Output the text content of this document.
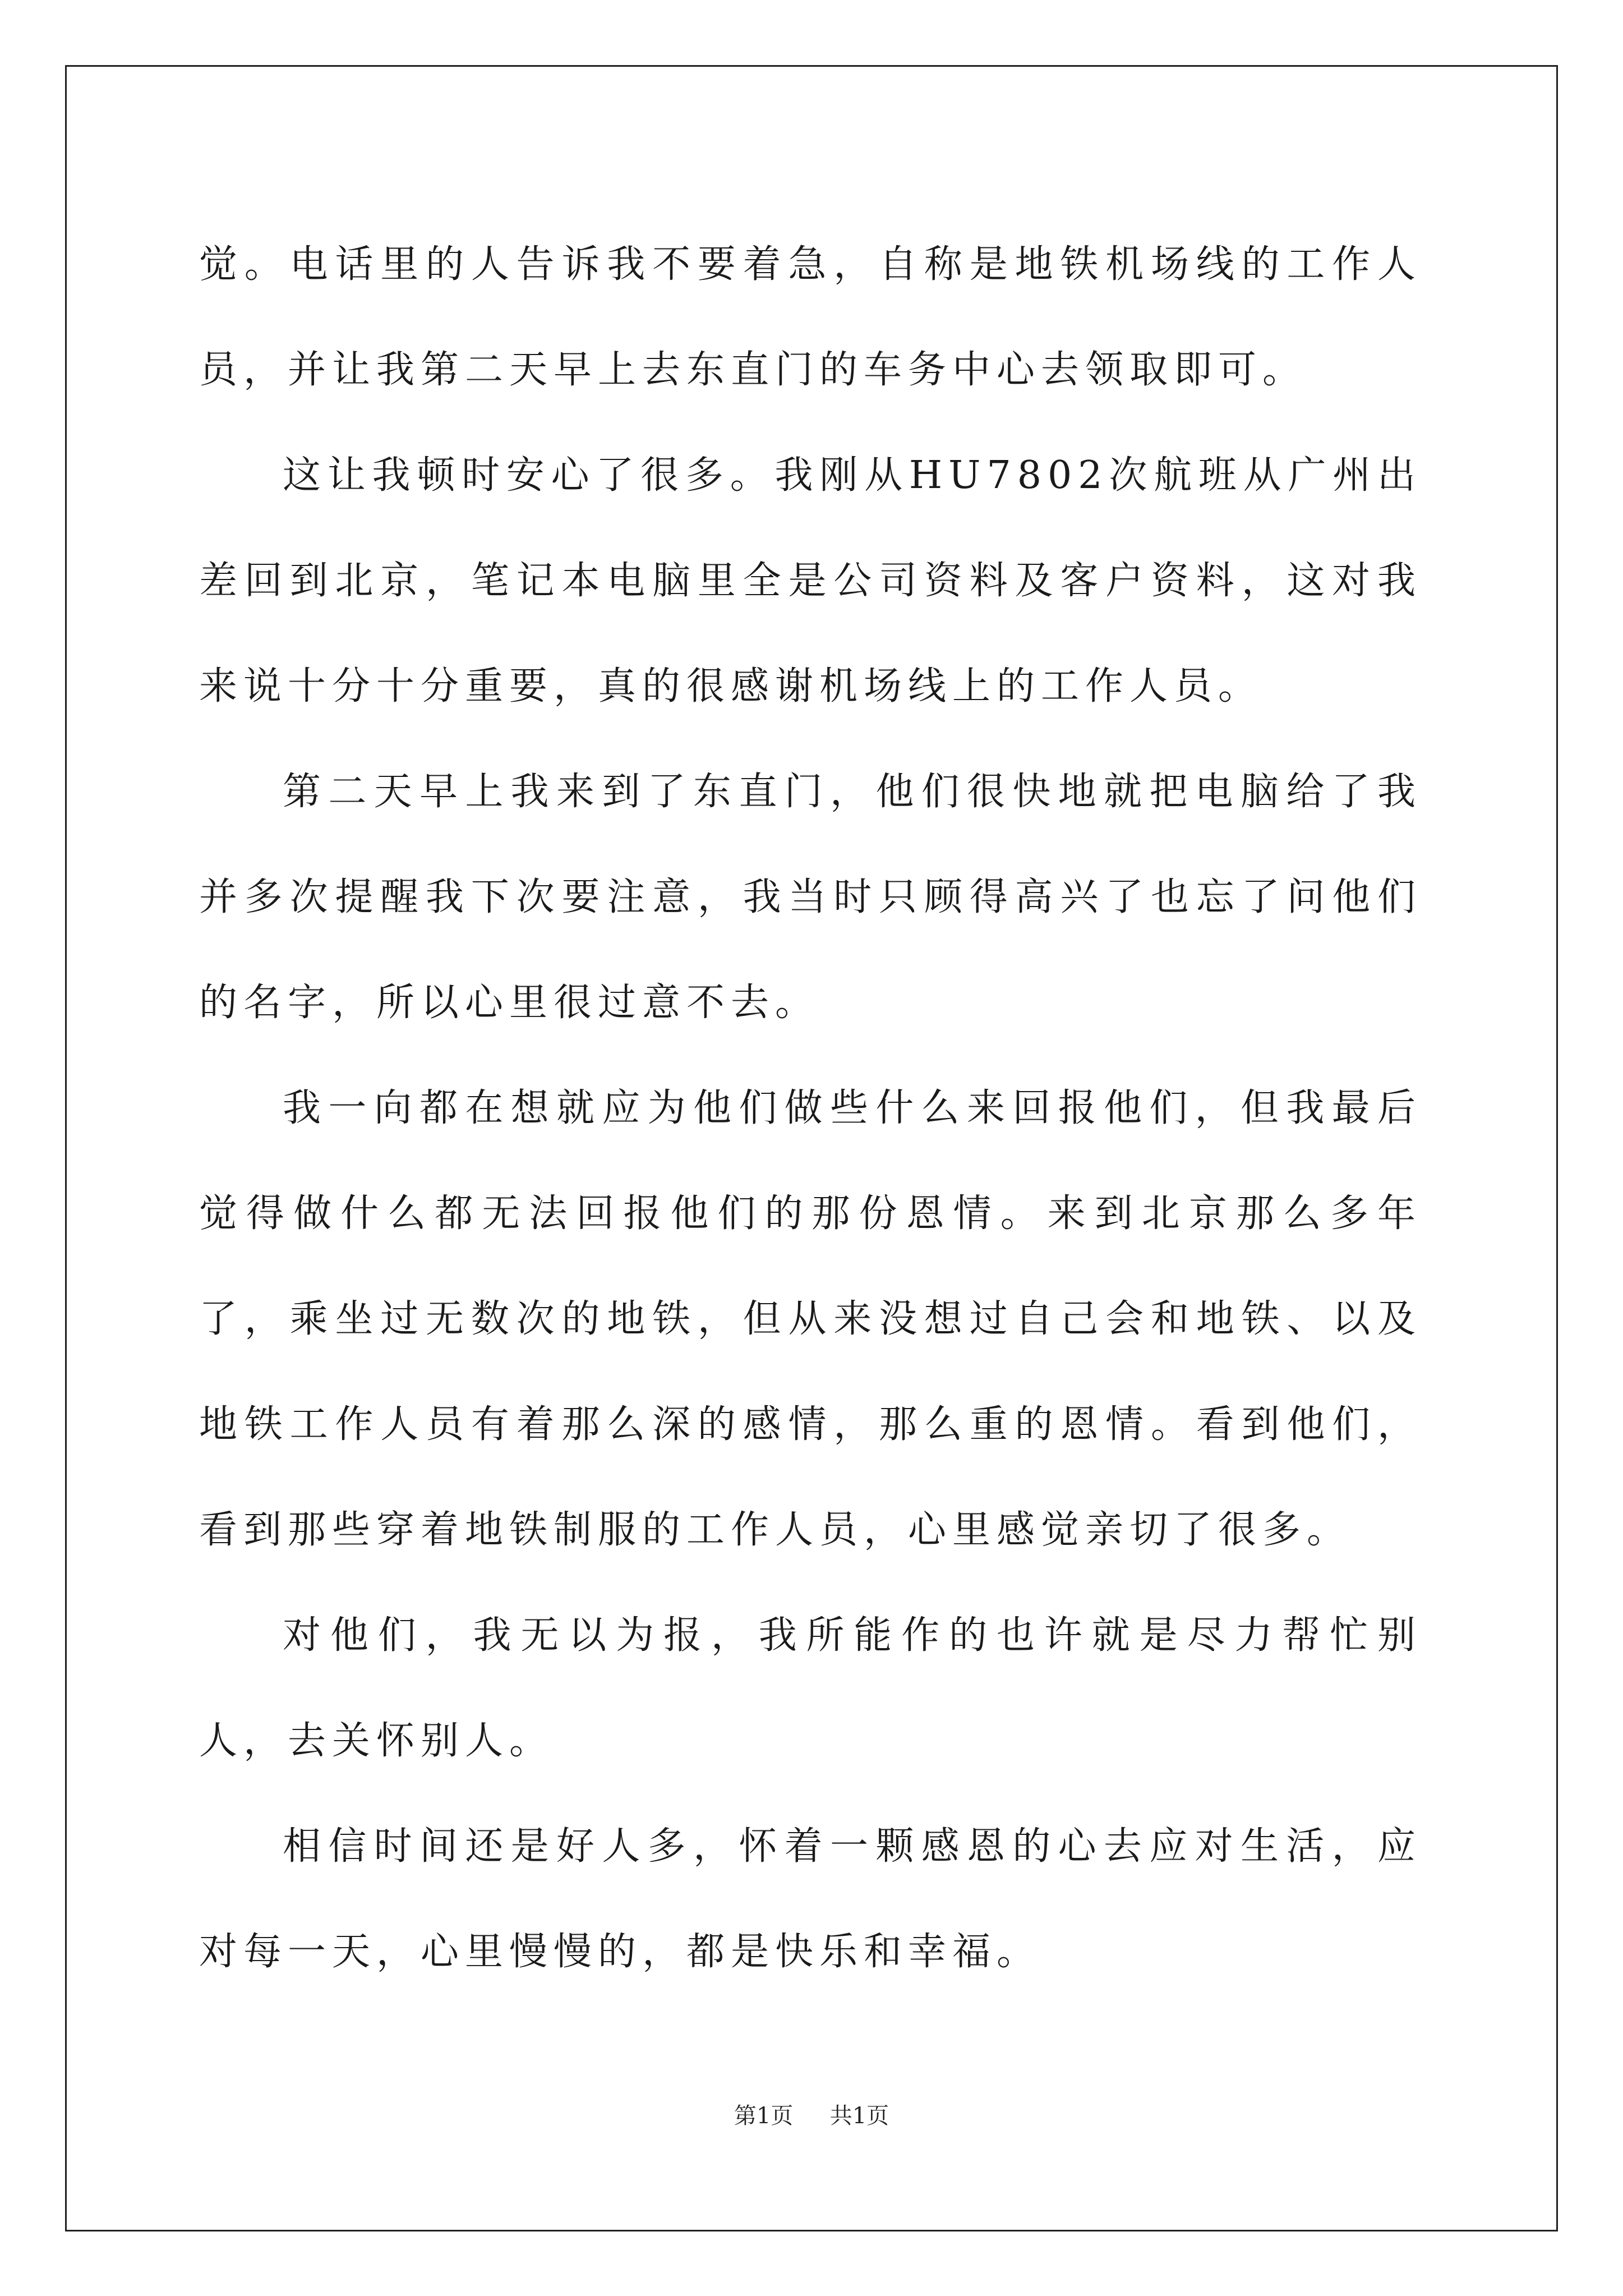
觉。电话里的人告诉我不要着急，自称是地铁机场线的工作人员，并让我第二天早上去东直门的车务中心去领取即可。

这让我顿时安心了很多。我刚从HU7802次航班从广州出差回到北京，笔记本电脑里全是公司资料及客户资料，这对我来说十分十分重要，真的很感谢机场线上的工作人员。

第二天早上我来到了东直门，他们很快地就把电脑给了我并多次提醒我下次要注意，我当时只顾得高兴了也忘了问他们的名字，所以心里很过意不去。

我一向都在想就应为他们做些什么来回报他们，但我最后觉得做什么都无法回报他们的那份恩情。来到北京那么多年了，乘坐过无数次的地铁，但从来没想过自己会和地铁、以及地铁工作人员有着那么深的感情，那么重的恩情。看到他们，看到那些穿着地铁制服的工作人员，心里感觉亲切了很多。

对他们，我无以为报，我所能作的也许就是尽力帮忙别人，去关怀别人。

相信时间还是好人多，怀着一颗感恩的心去应对生活，应对每一天，心里慢慢的，都是快乐和幸福。

第1页 共1页
